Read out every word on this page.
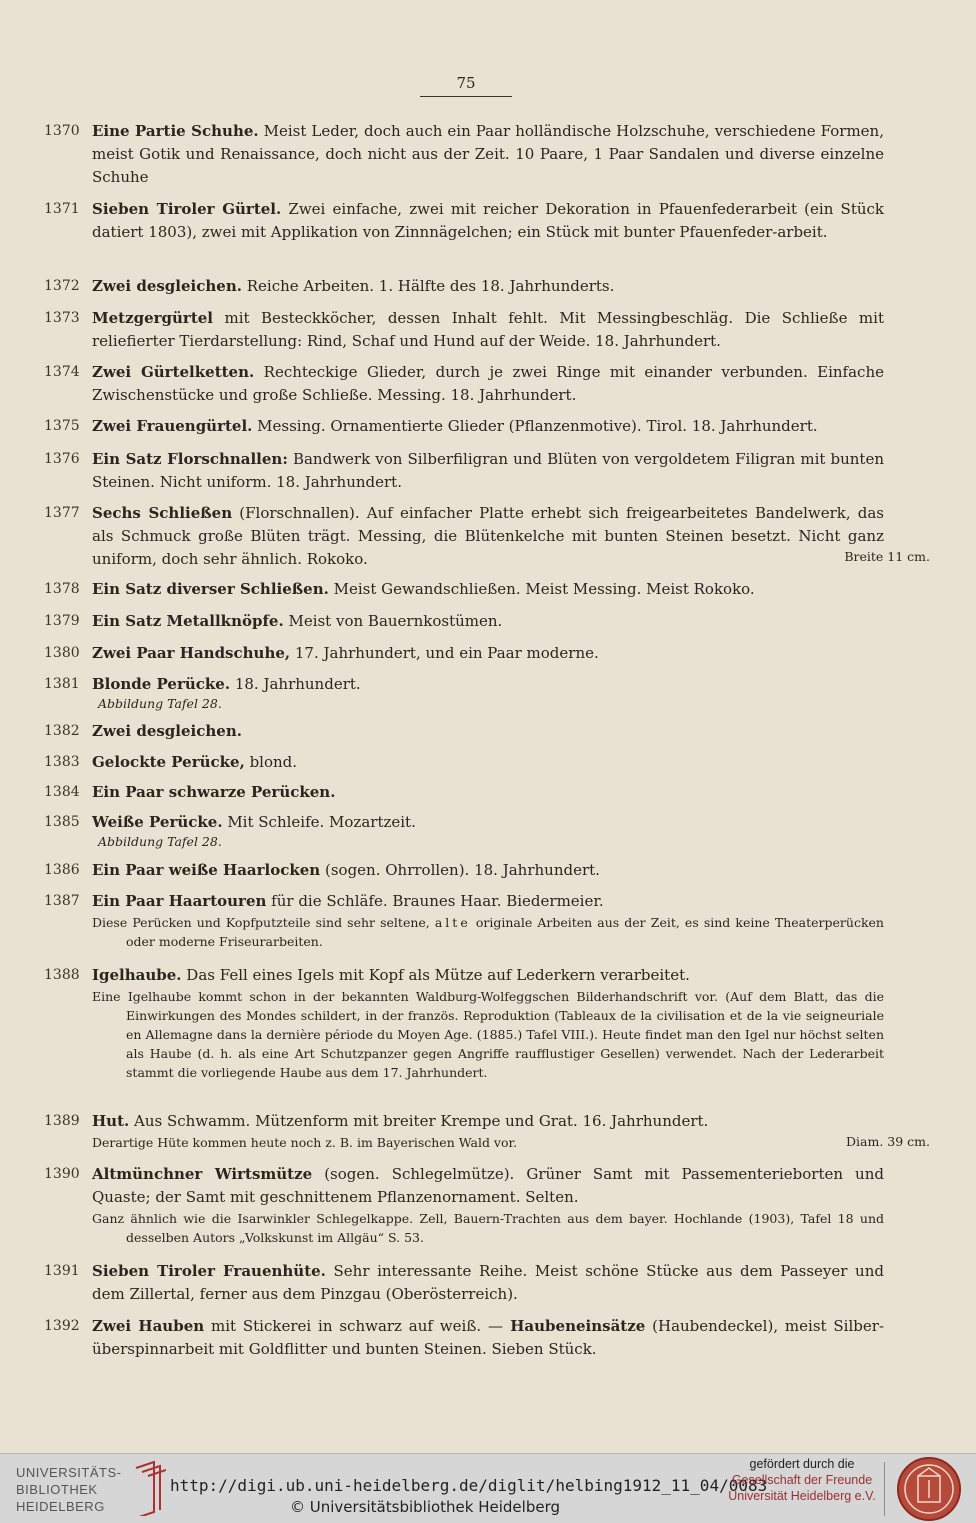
75
1370 Eine Partie Schuhe. Meist Leder, doch auch ein Paar holländische Holzschuhe, verschiedene Formen, meist Gotik und Renaissance, doch nicht aus der Zeit. 10 Paare, 1 Paar Sandalen und diverse einzelne Schuhe
1371 Sieben Tiroler Gürtel. Zwei einfache, zwei mit reicher Dekoration in Pfauenfederarbeit (ein Stück datiert 1803), zwei mit Applikation von Zinnnägelchen; ein Stück mit bunter Pfauenfeder-arbeit.
1372 Zwei desgleichen. Reiche Arbeiten. 1. Hälfte des 18. Jahrhunderts.
1373 Metzgergürtel mit Besteckköcher, dessen Inhalt fehlt. Mit Messingbeschläg. Die Schließe mit reliefierter Tierdarstellung: Rind, Schaf und Hund auf der Weide. 18. Jahrhundert.
1374 Zwei Gürtelketten. Rechteckige Glieder, durch je zwei Ringe mit einander verbunden. Einfache Zwischenstücke und große Schließe. Messing. 18. Jahrhundert.
1375 Zwei Frauengürtel. Messing. Ornamentierte Glieder (Pflanzenmotive). Tirol. 18. Jahrhundert.
1376 Ein Satz Florschnallen: Bandwerk von Silberfiligran und Blüten von vergoldetem Filigran mit bunten Steinen. Nicht uniform. 18. Jahrhundert.
1377 Sechs Schließen (Florschnallen). Auf einfacher Platte erhebt sich freigearbeitetes Bandelwerk, das als Schmuck große Blüten trägt. Messing, die Blütenkelche mit bunten Steinen besetzt. Nicht ganz uniform, doch sehr ähnlich. Rokoko.	Breite 11 cm.
1378 Ein Satz diverser Schließen. Meist Gewandschließen. Meist Messing. Meist Rokoko.
1379 Ein Satz Metallknöpfe. Meist von Bauernkostümen.
1380 Zwei Paar Handschuhe, 17. Jahrhundert, und ein Paar moderne.
1381 Blonde Perücke. 18. Jahrhundert.
Abbildung Tafel 28.
1382 Zwei desgleichen.
1383 Gelockte Perücke, blond.
1384 Ein Paar schwarze Perücken.
1385 Weiße Perücke. Mit Schleife. Mozartzeit.
Abbildung Tafel 28.
1386 Ein Paar weiße Haarlocken (sogen. Ohrrollen). 18. Jahrhundert.
1387 Ein Paar Haartouren für die Schläfe. Braunes Haar. Biedermeier.
Diese Perücken und Kopfputzteile sind sehr seltene, alte originale Arbeiten aus der Zeit, es sind keine Theaterperücken oder moderne Friseurarbeiten.
1388 Igelhaube. Das Fell eines Igels mit Kopf als Mütze auf Lederkern verarbeitet.
Eine Igelhaube kommt schon in der bekannten Waldburg-Wolfeggschen Bilderhandschrift vor. (Auf dem Blatt, das die Einwirkungen des Mondes schildert, in der französ. Reproduktion (Tableaux de la civilisation et de la vie seigneuriale en Allemagne dans la dernière période du Moyen Age. (1885.) Tafel VIII.). Heute findet man den Igel nur höchst selten als Haube (d. h. als eine Art Schutzpanzer gegen Angriffe raufflustiger Gesellen) verwendet. Nach der Lederarbeit stammt die vorliegende Haube aus dem 17. Jahrhundert.
1389 Hut. Aus Schwamm. Mützenform mit breiter Krempe und Grat. 16. Jahrhundert.
Derartige Hüte kommen heute noch z. B. im Bayerischen Wald vor.	Diam. 39 cm.
1390 Altmünchner Wirtsmütze (sogen. Schlegelmütze). Grüner Samt mit Passementerieborten und Quaste; der Samt mit geschnittenem Pflanzenornament. Selten.
Ganz ähnlich wie die Isarwinkler Schlegelkappe. Zell, Bauern-Trachten aus dem bayer. Hochlande (1903), Tafel 18 und desselben Autors „Volkskunst im Allgäu“ S. 53.
1391 Sieben Tiroler Frauenhüte. Sehr interessante Reihe. Meist schöne Stücke aus dem Passeyer und dem Zillertal, ferner aus dem Pinzgau (Oberösterreich).
1392 Zwei Hauben mit Stickerei in schwarz auf weiß. — Haubeneinsätze (Haubendeckel), meist Silber-überspinnarbeit mit Goldflitter und bunten Steinen. Sieben Stück.
UNIVERSITÄTS-
BIBLIOTHEK
HEIDELBERG
http://digi.ub.uni-heidelberg.de/diglit/helbing1912_11_04/0083
© Universitätsbibliothek Heidelberg
gefördert durch die
Gesellschaft der Freunde
Universität Heidelberg e.V.
